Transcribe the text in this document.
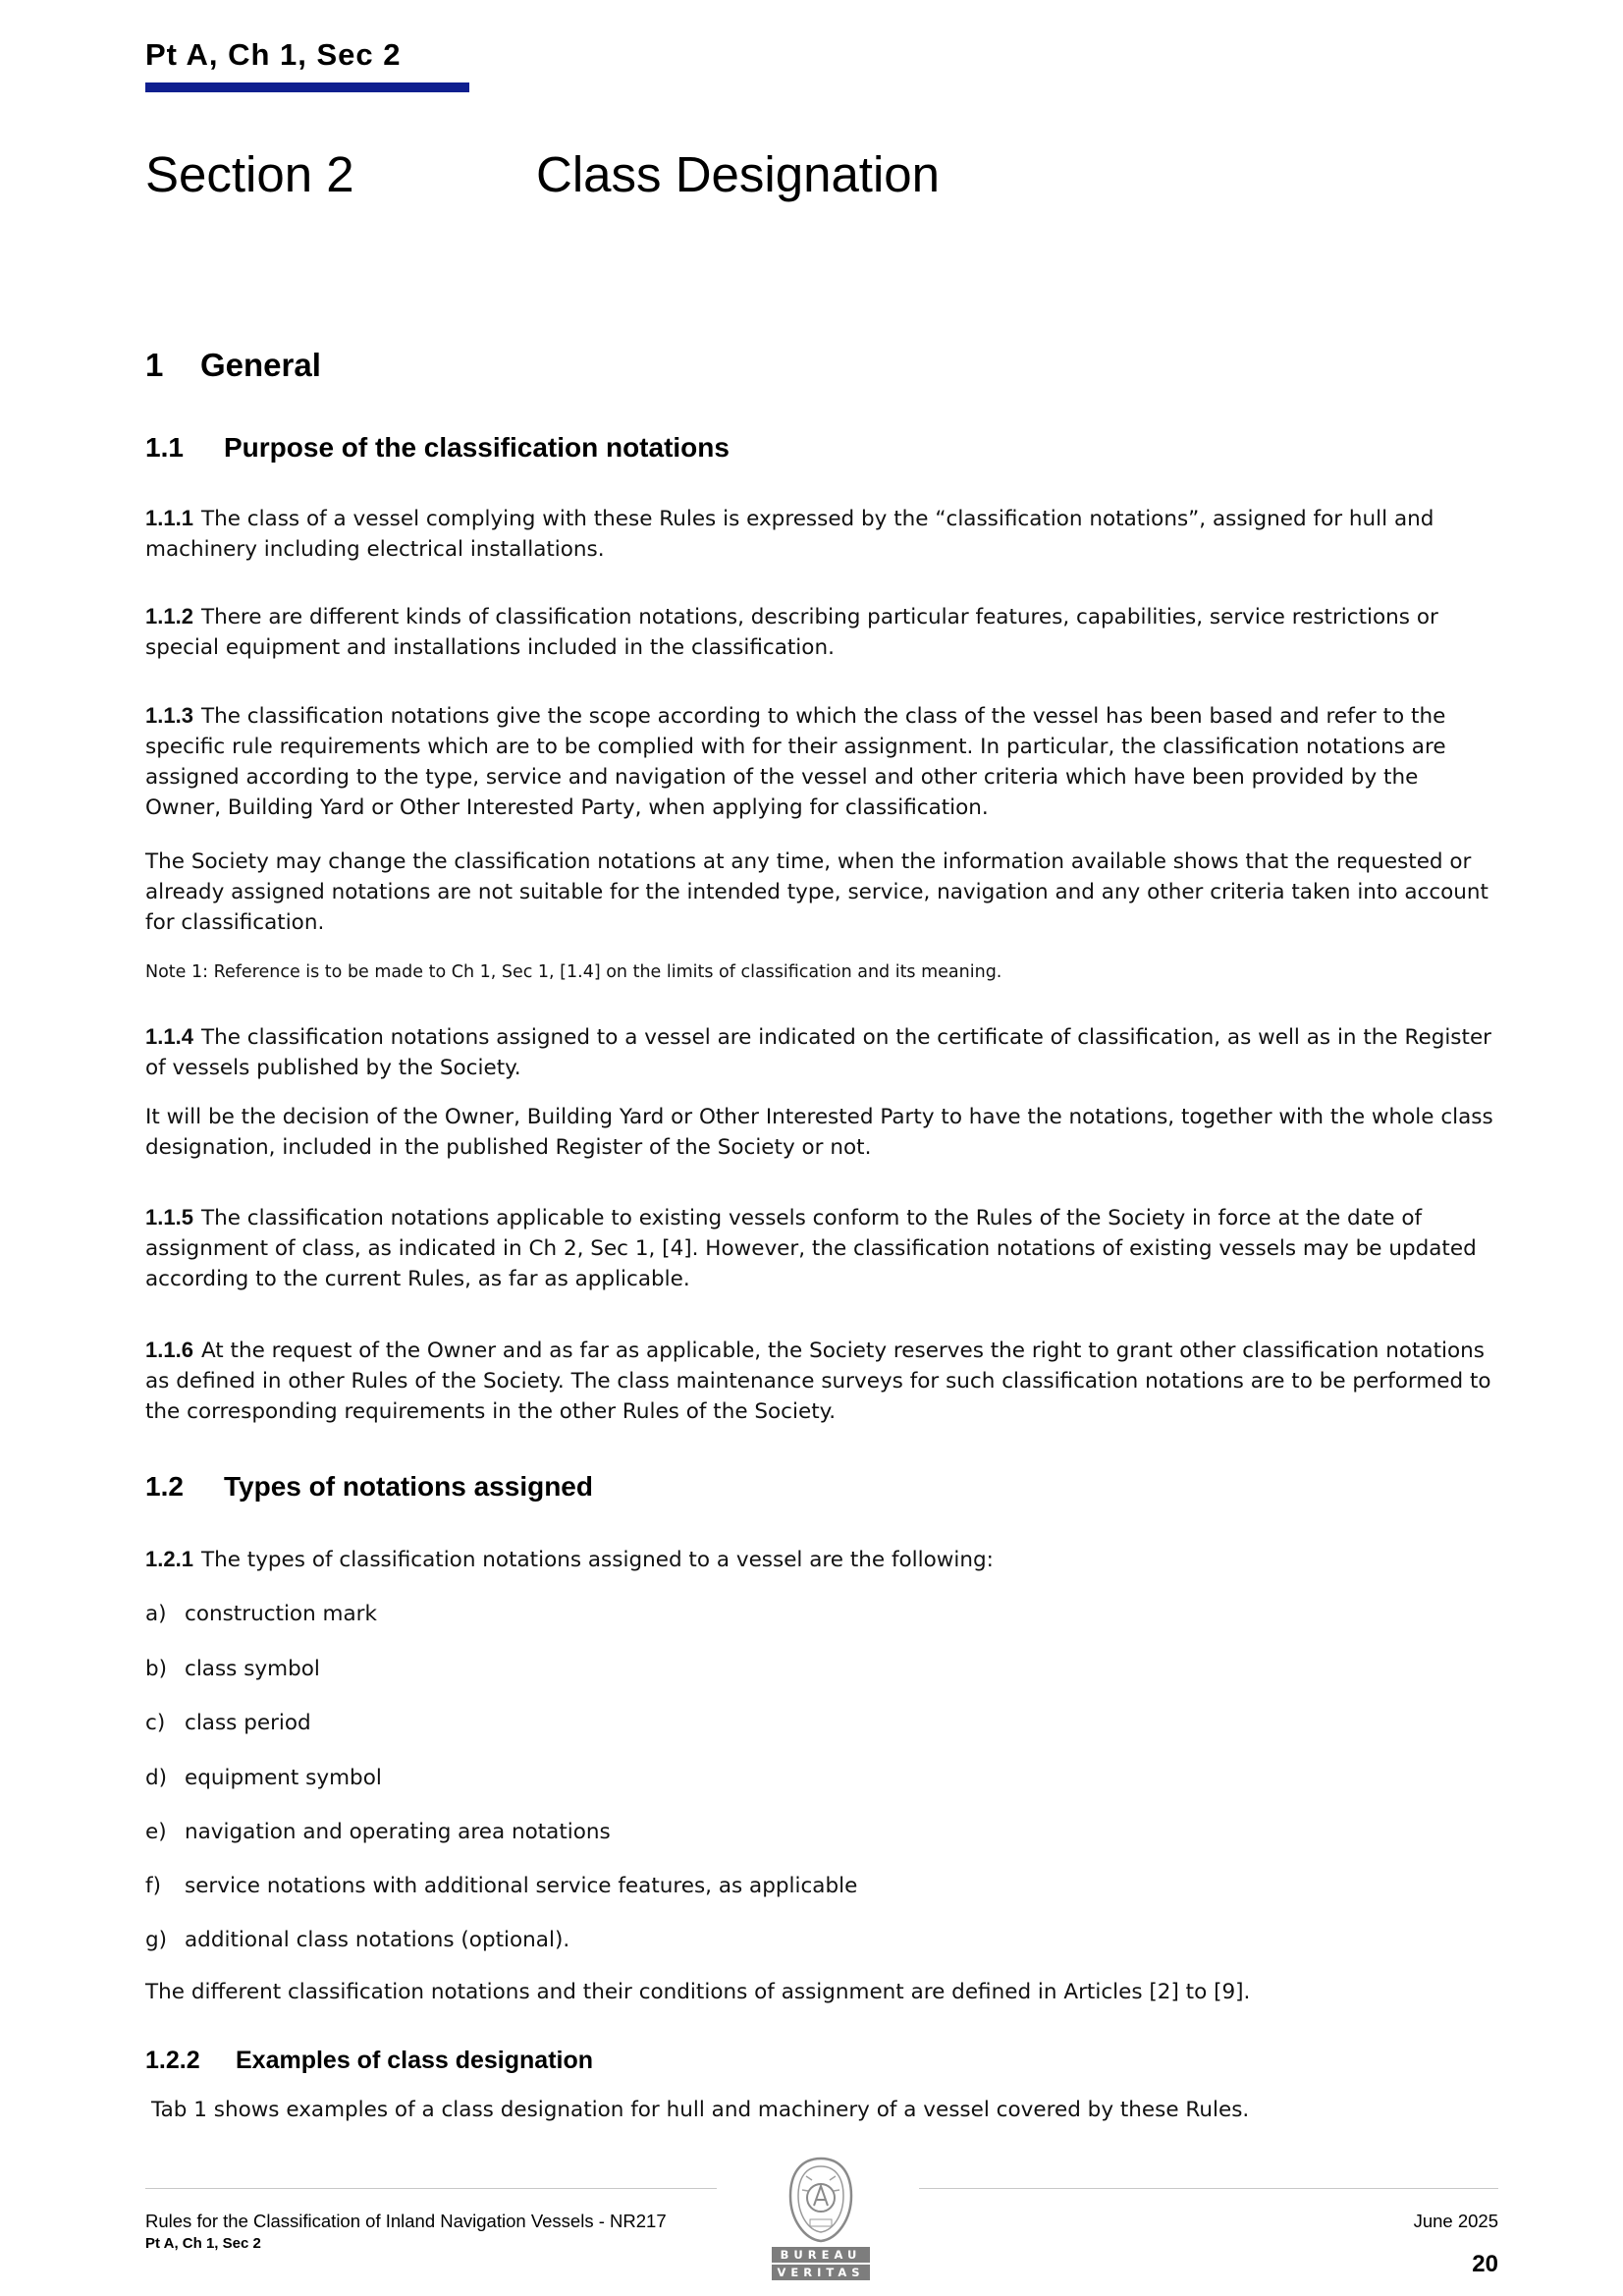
Pt A, Ch 1, Sec 2
Section 2	Class Designation
1 General
1.1 Purpose of the classification notations
1.1.1 The class of a vessel complying with these Rules is expressed by the “classification notations”, assigned for hull and machinery including electrical installations.
1.1.2 There are different kinds of classification notations, describing particular features, capabilities, service restrictions or special equipment and installations included in the classification.
1.1.3 The classification notations give the scope according to which the class of the vessel has been based and refer to the specific rule requirements which are to be complied with for their assignment. In particular, the classification notations are assigned according to the type, service and navigation of the vessel and other criteria which have been provided by the Owner, Building Yard or Other Interested Party, when applying for classification.
The Society may change the classification notations at any time, when the information available shows that the requested or already assigned notations are not suitable for the intended type, service, navigation and any other criteria taken into account for classification.
Note 1: Reference is to be made to Ch 1, Sec 1, [1.4] on the limits of classification and its meaning.
1.1.4 The classification notations assigned to a vessel are indicated on the certificate of classification, as well as in the Register of vessels published by the Society.
It will be the decision of the Owner, Building Yard or Other Interested Party to have the notations, together with the whole class designation, included in the published Register of the Society or not.
1.1.5 The classification notations applicable to existing vessels conform to the Rules of the Society in force at the date of assignment of class, as indicated in Ch 2, Sec 1, [4]. However, the classification notations of existing vessels may be updated according to the current Rules, as far as applicable.
1.1.6 At the request of the Owner and as far as applicable, the Society reserves the right to grant other classification notations as defined in other Rules of the Society. The class maintenance surveys for such classification notations are to be performed to the corresponding requirements in the other Rules of the Society.
1.2 Types of notations assigned
1.2.1 The types of classification notations assigned to a vessel are the following:
a) construction mark
b) class symbol
c) class period
d) equipment symbol
e) navigation and operating area notations
f) service notations with additional service features, as applicable
g) additional class notations (optional).
The different classification notations and their conditions of assignment are defined in Articles [2] to [9].
1.2.2 Examples of class designation
Tab 1 shows examples of a class designation for hull and machinery of a vessel covered by these Rules.
Rules for the Classification of Inland Navigation Vessels - NR217
Pt A, Ch 1, Sec 2
June 2025
20
BUREAU
VERITAS
